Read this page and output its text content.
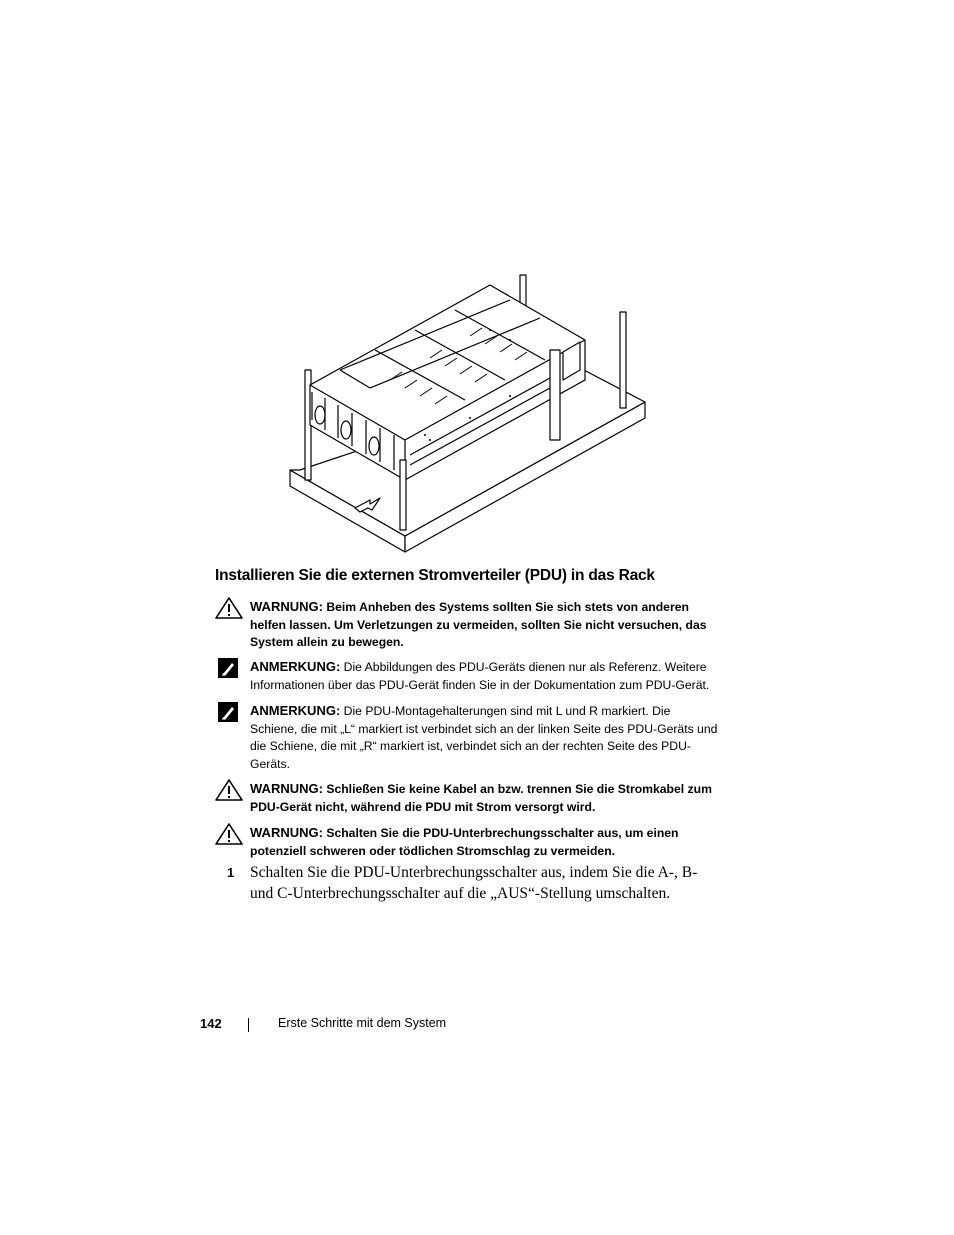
Installieren Sie die externen Stromverteiler (PDU) in das Rack
WARNUNG: Beim Anheben des Systems sollten Sie sich stets von anderen helfen lassen. Um Verletzungen zu vermeiden, sollten Sie nicht versuchen, das System allein zu bewegen.
ANMERKUNG: Die Abbildungen des PDU-Geräts dienen nur als Referenz. Weitere Informationen über das PDU-Gerät finden Sie in der Dokumentation zum PDU-Gerät.
ANMERKUNG: Die PDU-Montagehalterungen sind mit L und R markiert. Die Schiene, die mit „L“ markiert ist verbindet sich an der linken Seite des PDU-Geräts und die Schiene, die mit „R“ markiert ist, verbindet sich an der rechten Seite des PDU-Geräts.
WARNUNG: Schließen Sie keine Kabel an bzw. trennen Sie die Stromkabel zum PDU-Gerät nicht, während die PDU mit Strom versorgt wird.
WARNUNG: Schalten Sie die PDU-Unterbrechungsschalter aus, um einen potenziell schweren oder tödlichen Stromschlag zu vermeiden.
1 Schalten Sie die PDU-Unterbrechungsschalter aus, indem Sie die A-, B- und C-Unterbrechungsschalter auf die „AUS“-Stellung umschalten.
142	Erste Schritte mit dem System
